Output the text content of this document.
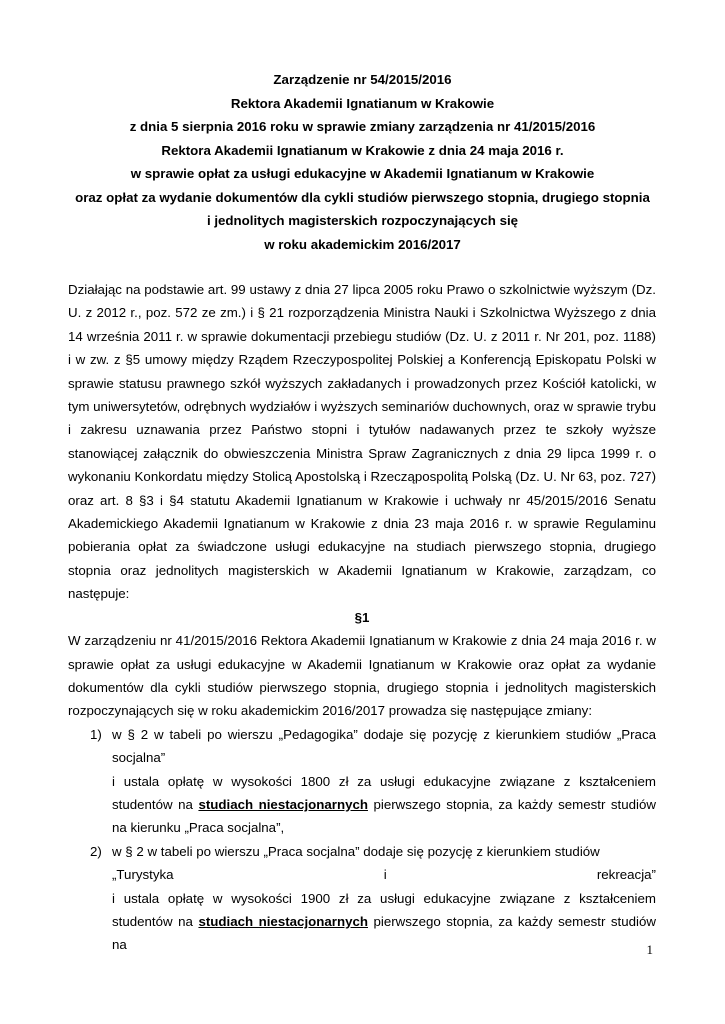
Zarządzenie nr 54/2015/2016
Rektora Akademii Ignatianum w Krakowie
z dnia 5 sierpnia 2016 roku w sprawie zmiany zarządzenia nr 41/2015/2016
Rektora Akademii Ignatianum w Krakowie z dnia 24 maja 2016 r.
w sprawie opłat za usługi edukacyjne w Akademii Ignatianum w Krakowie
oraz opłat za wydanie dokumentów dla cykli studiów pierwszego stopnia, drugiego stopnia
i jednolitych magisterskich rozpoczynających się
w roku akademickim 2016/2017

Działając na podstawie art. 99 ustawy z dnia 27 lipca 2005 roku Prawo o szkolnictwie wyższym (Dz. U. z 2012 r., poz. 572 ze zm.) i § 21 rozporządzenia Ministra Nauki i Szkolnictwa Wyższego z dnia 14 września 2011 r. w sprawie dokumentacji przebiegu studiów (Dz. U. z 2011 r. Nr 201, poz. 1188) i w zw. z §5 umowy między Rządem Rzeczypospolitej Polskiej a Konferencją Episkopatu Polski w sprawie statusu prawnego szkół wyższych zakładanych i prowadzonych przez Kościół katolicki, w tym uniwersytetów, odrębnych wydziałów i wyższych seminariów duchownych, oraz w sprawie trybu i zakresu uznawania przez Państwo stopni i tytułów nadawanych przez te szkoły wyższe stanowiącej załącznik do obwieszczenia Ministra Spraw Zagranicznych z dnia 29 lipca 1999 r. o wykonaniu Konkordatu między Stolicą Apostolską i Rzecząpospolitą Polską (Dz. U. Nr 63, poz. 727) oraz art. 8 §3 i §4 statutu Akademii Ignatianum w Krakowie i uchwały nr 45/2015/2016 Senatu Akademickiego Akademii Ignatianum w Krakowie z dnia 23 maja 2016 r. w sprawie Regulaminu pobierania opłat za świadczone usługi edukacyjne na studiach pierwszego stopnia, drugiego stopnia oraz jednolitych magisterskich w Akademii Ignatianum w Krakowie, zarządzam, co następuje:

§1

W zarządzeniu nr 41/2015/2016 Rektora Akademii Ignatianum w Krakowie z dnia 24 maja 2016 r. w sprawie opłat za usługi edukacyjne w Akademii Ignatianum w Krakowie oraz opłat za wydanie dokumentów dla cykli studiów pierwszego stopnia, drugiego stopnia i jednolitych magisterskich rozpoczynających się w roku akademickim 2016/2017 prowadza się następujące zmiany:

1) w § 2 w tabeli po wierszu „Pedagogika” dodaje się pozycję z kierunkiem studiów „Praca socjalna”
i ustala opłatę w wysokości 1800 zł za usługi edukacyjne związane z kształceniem studentów na studiach niestacjonarnych pierwszego stopnia, za każdy semestr studiów na kierunku „Praca socjalna”,
2) w § 2 w tabeli po wierszu „Praca socjalna” dodaje się pozycję z kierunkiem studiów
„Turystyka	i	rekreacja”
i ustala opłatę w wysokości 1900 zł za usługi edukacyjne związane z kształceniem studentów na studiach niestacjonarnych pierwszego stopnia, za każdy semestr studiów na	1
